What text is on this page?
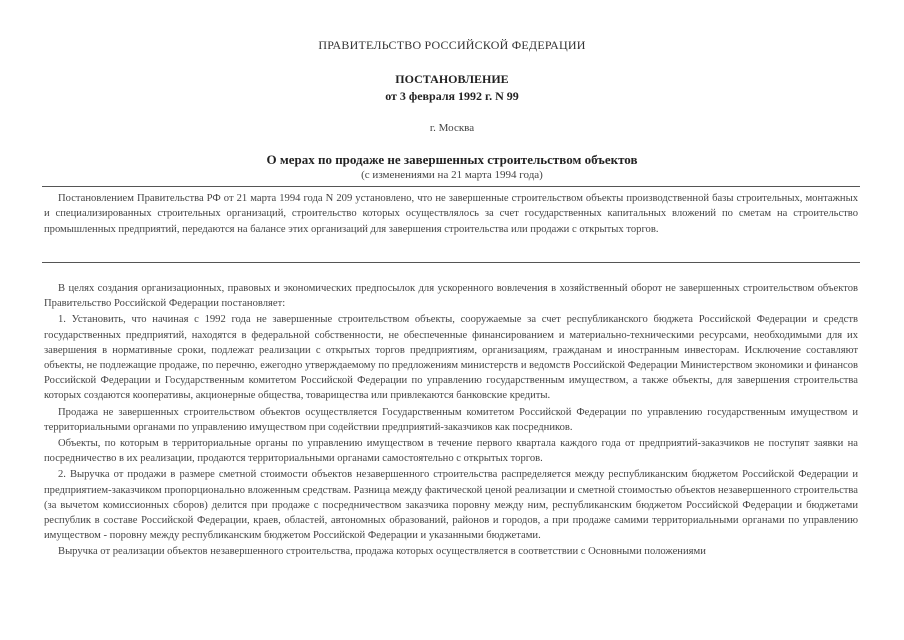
ПРАВИТЕЛЬСТВО РОССИЙСКОЙ ФЕДЕРАЦИИ
ПОСТАНОВЛЕНИЕ
от 3 февраля 1992 г. N 99
г. Москва
О мерах по продаже не завершенных строительством объектов
(с изменениями на 21 марта 1994 года)
Постановлением Правительства РФ от 21 марта 1994 года N 209 установлено, что не завершенные строительством объекты производственной базы строительных, монтажных и специализированных строительных организаций, строительство которых осуществлялось за счет государственных капитальных вложений по сметам на строительство промышленных предприятий, передаются на балансе этих организаций для завершения строительства или продажи с открытых торгов.

В целях создания организационных, правовых и экономических предпосылок для ускоренного вовлечения в хозяйственный оборот не завершенных строительством объектов Правительство Российской Федерации постановляет:

1. Установить, что начиная с 1992 года не завершенные строительством объекты, сооружаемые за счет республиканского бюджета Российской Федерации и средств государственных предприятий, находятся в федеральной собственности, не обеспеченные финансированием и материально-техническими ресурсами, необходимыми для их завершения в нормативные сроки, подлежат реализации с открытых торгов предприятиям, организациям, гражданам и иностранным инвесторам. Исключение составляют объекты, не подлежащие продаже, по перечню, ежегодно утверждаемому по предложениям министерств и ведомств Российской Федерации Министерством экономики и финансов Российской Федерации и Государственным комитетом Российской Федерации по управлению государственным имуществом, а также объекты, для завершения строительства которых создаются кооперативы, акционерные общества, товарищества или привлекаются банковские кредиты.

Продажа не завершенных строительством объектов осуществляется Государственным комитетом Российской Федерации по управлению государственным имуществом и территориальными органами по управлению имуществом при содействии предприятий-заказчиков как посредников.

Объекты, по которым в территориальные органы по управлению имуществом в течение первого квартала каждого года от предприятий-заказчиков не поступят заявки на посредничество в их реализации, продаются территориальными органами самостоятельно с открытых торгов.

2. Выручка от продажи в размере сметной стоимости объектов незавершенного строительства распределяется между республиканским бюджетом Российской Федерации и предприятием-заказчиком пропорционально вложенным средствам. Разница между фактической ценой реализации и сметной стоимостью объектов незавершенного строительства (за вычетом комиссионных сборов) делится при продаже с посредничеством заказчика поровну между ним, республиканским бюджетом Российской Федерации и бюджетами республик в составе Российской Федерации, краев, областей, автономных образований, районов и городов, а при продаже самими территориальными органами по управлению имуществом - поровну между республиканским бюджетом Российской Федерации и указанными бюджетами.

Выручка от реализации объектов незавершенного строительства, продажа которых осуществляется в соответствии с Основными положениями
